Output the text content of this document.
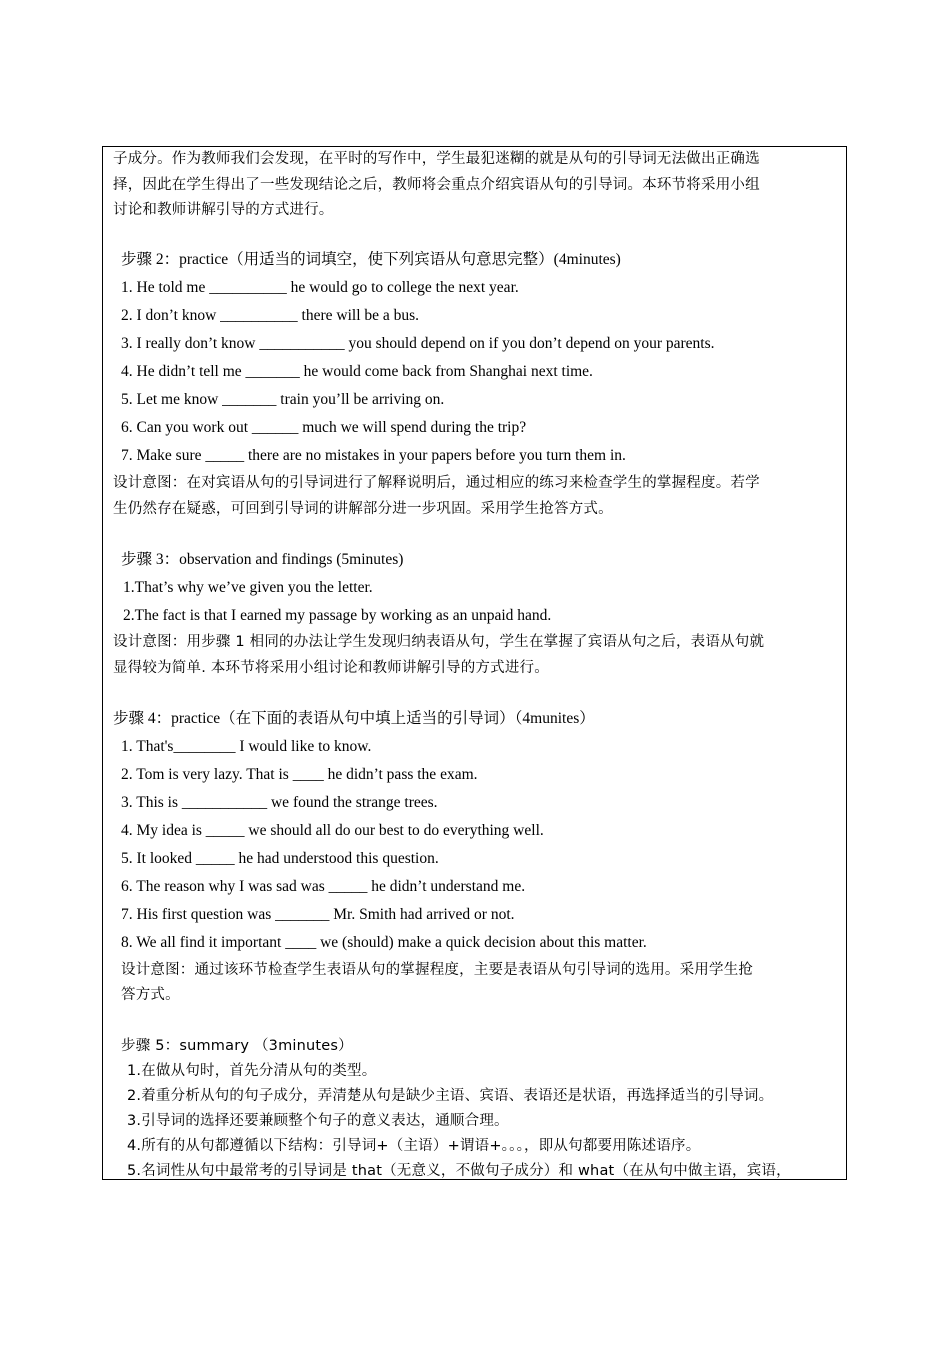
子成分。作为教师我们会发现，在平时的写作中，学生最犯迷糊的就是从句的引导词无法做出正确选
择，因此在学生得出了一些发现结论之后，教师将会重点介绍宾语从句的引导词。本环节将采用小组
讨论和教师讲解引导的方式进行。
步骤 2：practice（用适当的词填空，使下列宾语从句意思完整）(4minutes)
1. He told me __________ he would go to college the next year.
2. I don’t know __________ there will be a bus.
3. I really don’t know ___________ you should depend on if you don’t depend on your parents.
4. He didn’t tell me _______ he would come back from Shanghai next time.
5. Let me know _______ train you’ll be arriving on.
6. Can you work out ______ much we will spend during the trip?
7. Make sure _____ there are no mistakes in your papers before you turn them in.
设计意图：在对宾语从句的引导词进行了解释说明后，通过相应的练习来检查学生的掌握程度。若学
生仍然存在疑惑，可回到引导词的讲解部分进一步巩固。采用学生抢答方式。
步骤 3：observation and findings (5minutes)
1.That’s why we’ve given you the letter.
2.The fact is that I earned my passage by working as an unpaid hand.
设计意图：用步骤 1 相同的办法让学生发现归纳表语从句，学生在掌握了宾语从句之后，表语从句就
显得较为简单. 本环节将采用小组讨论和教师讲解引导的方式进行。
步骤 4：practice（在下面的表语从句中填上适当的引导词）（4munites）
1. That's________ I would like to know.
2. Tom is very lazy. That is ____ he didn’t pass the exam.
3. This is ___________ we found the strange trees.
4. My idea is _____ we should all do our best to do everything well.
5. It looked _____ he had understood this question.
6. The reason why I was sad was _____ he didn’t understand me.
7. His first question was _______ Mr. Smith had arrived or not.
8. We all find it important ____ we (should) make a quick decision about this matter.
设计意图：通过该环节检查学生表语从句的掌握程度，主要是表语从句引导词的选用。采用学生抢
答方式。
步骤 5：summary （3minutes）
1.在做从句时，首先分清从句的类型。
2.着重分析从句的句子成分，弄清楚从句是缺少主语、宾语、表语还是状语，再选择适当的引导词。
3.引导词的选择还要兼顾整个句子的意义表达，通顺合理。
4.所有的从句都遵循以下结构：引导词+（主语）+谓语+。。。，即从句都要用陈述语序。
5.名词性从句中最常考的引导词是 that（无意义，不做句子成分）和 what（在从句中做主语，宾语，
